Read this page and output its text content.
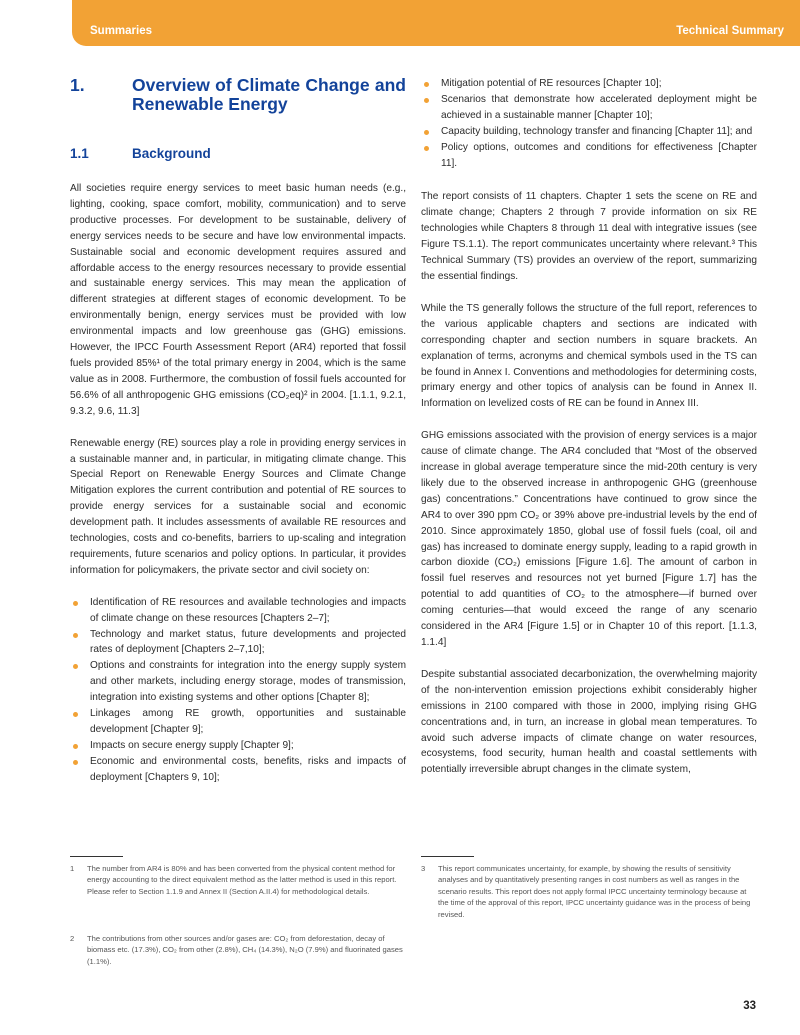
Summaries	Technical Summary
1.	Overview of Climate Change and Renewable Energy
1.1	Background

All societies require energy services to meet basic human needs (e.g., lighting, cooking, space comfort, mobility, communication) and to serve productive processes. For development to be sustainable, delivery of energy services needs to be secure and have low environmental impacts. Sustainable social and economic development requires assured and affordable access to the energy resources necessary to provide essential and sustainable energy services. This may mean the application of different strategies at different stages of economic development. To be environmentally benign, energy services must be provided with low environmental impacts and low greenhouse gas (GHG) emissions. However, the IPCC Fourth Assessment Report (AR4) reported that fossil fuels provided 85%¹ of the total primary energy in 2004, which is the same value as in 2008. Furthermore, the combustion of fossil fuels accounted for 56.6% of all anthropogenic GHG emissions (CO₂eq)² in 2004. [1.1.1, 9.2.1, 9.3.2, 9.6, 11.3]

Renewable energy (RE) sources play a role in providing energy services in a sustainable manner and, in particular, in mitigating climate change. This Special Report on Renewable Energy Sources and Climate Change Mitigation explores the current contribution and potential of RE sources to provide energy services for a sustainable social and economic development path. It includes assessments of available RE resources and technologies, costs and co-benefits, barriers to up-scaling and integration requirements, future scenarios and policy options. In particular, it provides information for policymakers, the private sector and civil society on:

Identification of RE resources and available technologies and impacts of climate change on these resources [Chapters 2–7];
Technology and market status, future developments and projected rates of deployment [Chapters 2–7,10];
Options and constraints for integration into the energy supply system and other markets, including energy storage, modes of transmission, integration into existing systems and other options [Chapter 8];
Linkages among RE growth, opportunities and sustainable development [Chapter 9];
Impacts on secure energy supply [Chapter 9];
Economic and environmental costs, benefits, risks and impacts of deployment [Chapters 9, 10];
Mitigation potential of RE resources [Chapter 10];
Scenarios that demonstrate how accelerated deployment might be achieved in a sustainable manner [Chapter 10];
Capacity building, technology transfer and financing [Chapter 11]; and
Policy options, outcomes and conditions for effectiveness [Chapter 11].

The report consists of 11 chapters. Chapter 1 sets the scene on RE and climate change; Chapters 2 through 7 provide information on six RE technologies while Chapters 8 through 11 deal with integrative issues (see Figure TS.1.1). The report communicates uncertainty where relevant.³ This Technical Summary (TS) provides an overview of the report, summarizing the essential findings.

While the TS generally follows the structure of the full report, references to the various applicable chapters and sections are indicated with corresponding chapter and section numbers in square brackets. An explanation of terms, acronyms and chemical symbols used in the TS can be found in Annex I. Conventions and methodologies for determining costs, primary energy and other topics of analysis can be found in Annex II. Information on levelized costs of RE can be found in Annex III.

GHG emissions associated with the provision of energy services is a major cause of climate change. The AR4 concluded that “Most of the observed increase in global average temperature since the mid-20th century is very likely due to the observed increase in anthropogenic GHG (greenhouse gas) concentrations.” Concentrations have continued to grow since the AR4 to over 390 ppm CO₂ or 39% above pre-industrial levels by the end of 2010. Since approximately 1850, global use of fossil fuels (coal, oil and gas) has increased to dominate energy supply, leading to a rapid growth in carbon dioxide (CO₂) emissions [Figure 1.6]. The amount of carbon in fossil fuel reserves and resources not yet burned [Figure 1.7] has the potential to add quantities of CO₂ to the atmosphere—if burned over coming centuries—that would exceed the range of any scenario considered in the AR4 [Figure 1.5] or in Chapter 10 of this report. [1.1.3, 1.1.4]

Despite substantial associated decarbonization, the overwhelming majority of the non-intervention emission projections exhibit considerably higher emissions in 2100 compared with those in 2000, implying rising GHG concentrations and, in turn, an increase in global mean temperatures. To avoid such adverse impacts of climate change on water resources, ecosystems, food security, human health and coastal settlements with potentially irreversible abrupt changes in the climate system,

1	The number from AR4 is 80% and has been converted from the physical content method for energy accounting to the direct equivalent method as the latter method is used in this report. Please refer to Section 1.1.9 and Annex II (Section A.II.4) for methodological details.
2	The contributions from other sources and/or gases are: CO₂ from deforestation, decay of biomass etc. (17.3%), CO₂ from other (2.8%), CH₄ (14.3%), N₂O (7.9%) and fluorinated gases (1.1%).
3	This report communicates uncertainty, for example, by showing the results of sensitivity analyses and by quantitatively presenting ranges in cost numbers as well as ranges in the scenario results. This report does not apply formal IPCC uncertainty terminology because at the time of the approval of this report, IPCC uncertainty guidance was in the process of being revised.
33
